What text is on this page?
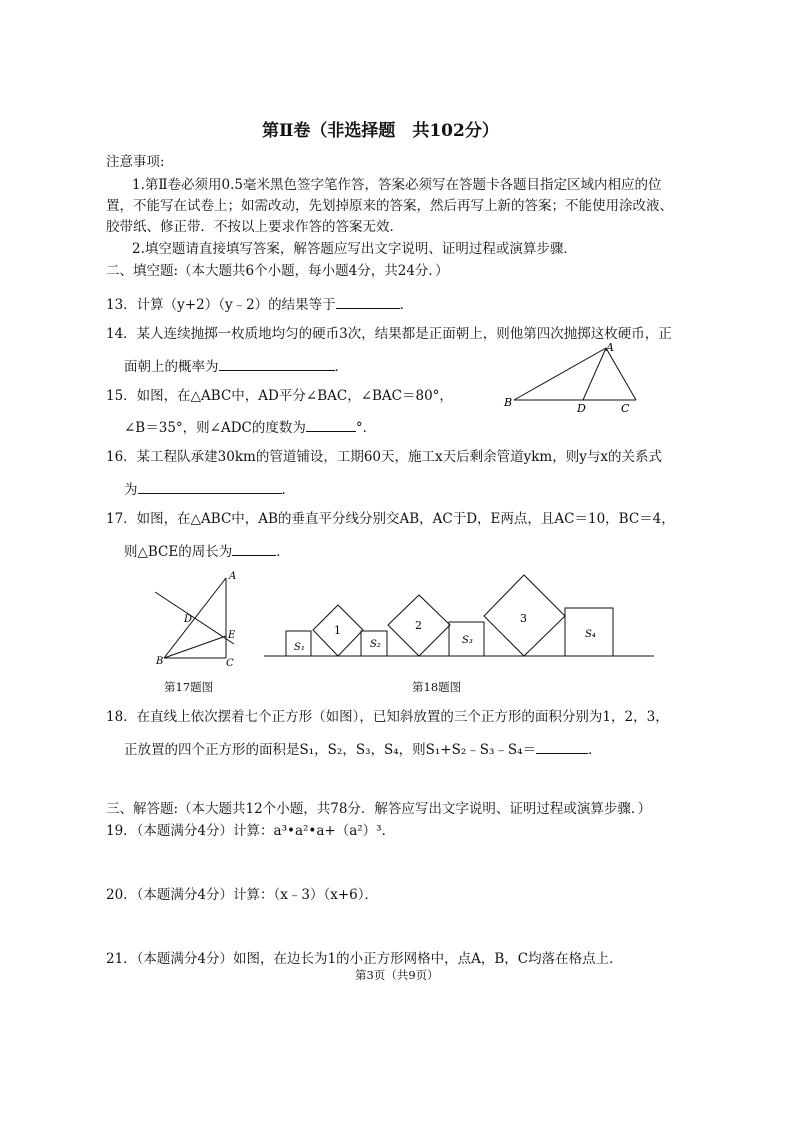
第Ⅱ卷（非选择题　共102分）
注意事项:
1.第Ⅱ卷必须用0.5毫米黑色签字笔作答，答案必须写在答题卡各题目指定区域内相应的位
置，不能写在试卷上；如需改动，先划掉原来的答案，然后再写上新的答案；不能使用涂改液、
胶带纸、修正带．不按以上要求作答的答案无效．
2.填空题请直接填写答案，解答题应写出文字说明、证明过程或演算步骤．
二、填空题:（本大题共6个小题，每小题4分，共24分．）
13．计算（y+2）（y﹣2）的结果等于	．
14．某人连续抛掷一枚质地均匀的硬币3次，结果都是正面朝上，则他第四次抛掷这枚硬币，正
面朝上的概率为	．
15．如图，在△ABC中，AD平分∠BAC，∠BAC＝80°，
∠B＝35°，则∠ADC的度数为	°．
A
B	D	C
16．某工程队承建30km的管道铺设，工期60天，施工x天后剩余管道ykm，则y与x的关系式
为	．
17．如图，在△ABC中，AB的垂直平分线分别交AB，AC于D，E两点，且AC＝10，BC＝4，
则△BCE的周长为	．
A
D
E
B	C
第17题图
S₁
1
S₂
2
S₃
3
S₄
第18题图
18．在直线上依次摆着七个正方形（如图），已知斜放置的三个正方形的面积分别为1，2，3，
正放置的四个正方形的面积是S₁，S₂，S₃，S₄，则S₁+S₂﹣S₃﹣S₄＝	．
三、解答题:（本大题共12个小题，共78分．解答应写出文字说明、证明过程或演算步骤．）
19．（本题满分4分）计算：a³•a²•a+（a²）³．
20．（本题满分4分）计算：（x﹣3）（x+6）．
21．（本题满分4分）如图，在边长为1的小正方形网格中，点A，B，C均落在格点上．
第3页（共9页）
